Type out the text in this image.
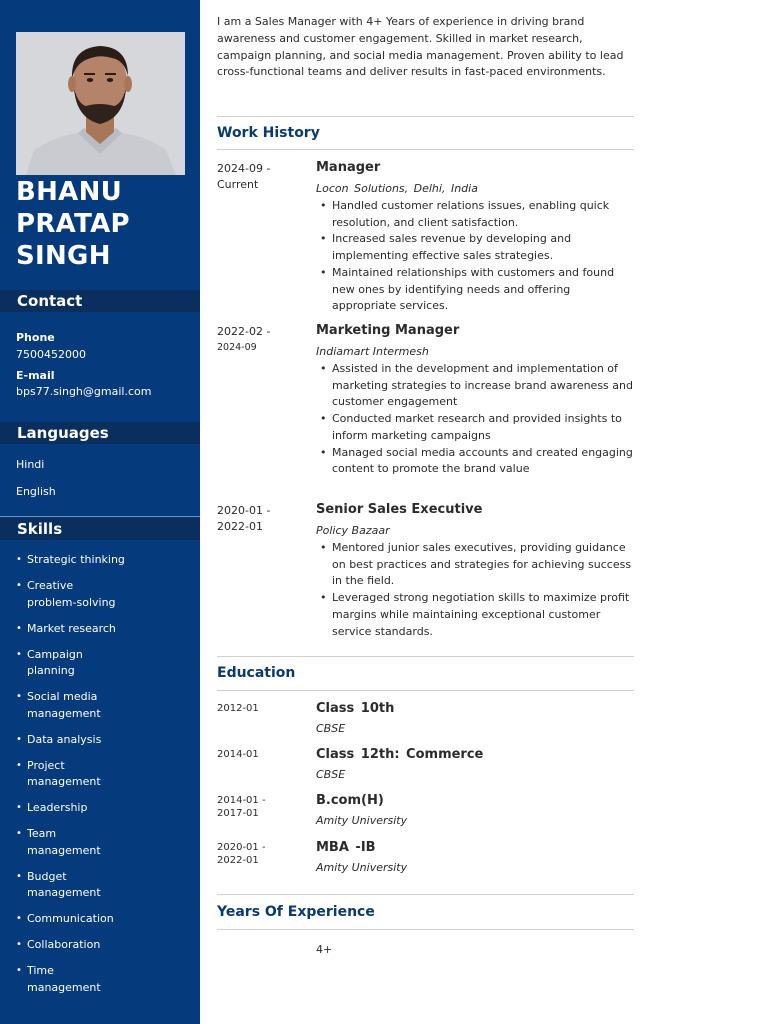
BHANU
PRATAP
SINGH
Contact
Phone
7500452000
E-mail
bps77.singh@gmail.com
Languages
Hindi
English
Skills
• Strategic thinking
• Creative problem-solving
• Market research
• Campaign planning
• Social media management
• Data analysis
• Project management
• Leadership
• Team management
• Budget management
• Communication
• Collaboration
• Time management
I am a Sales Manager with 4+ Years of experience in driving brand awareness and customer engagement. Skilled in market research, campaign planning, and social media management. Proven ability to lead cross-functional teams and deliver results in fast-paced environments.
Work History
2024-09 -
Current
Manager
Locon Solutions, Delhi, India
• Handled customer relations issues, enabling quick resolution, and client satisfaction.
• Increased sales revenue by developing and implementing effective sales strategies.
• Maintained relationships with customers and found new ones by identifying needs and offering appropriate services.
2022-02 -
2024-09
Marketing Manager
Indiamart Intermesh
• Assisted in the development and implementation of marketing strategies to increase brand awareness and customer engagement
• Conducted market research and provided insights to inform marketing campaigns
• Managed social media accounts and created engaging content to promote the brand value
2020-01 -
2022-01
Senior Sales Executive
Policy Bazaar
• Mentored junior sales executives, providing guidance on best practices and strategies for achieving success in the field.
• Leveraged strong negotiation skills to maximize profit margins while maintaining exceptional customer service standards.
Education
2012-01	Class 10th
CBSE
2014-01	Class 12th: Commerce
CBSE
2014-01 -
2017-01
B.com(H)
Amity University
2020-01 -
2022-01
MBA -IB
Amity University
Years Of Experience
4+
